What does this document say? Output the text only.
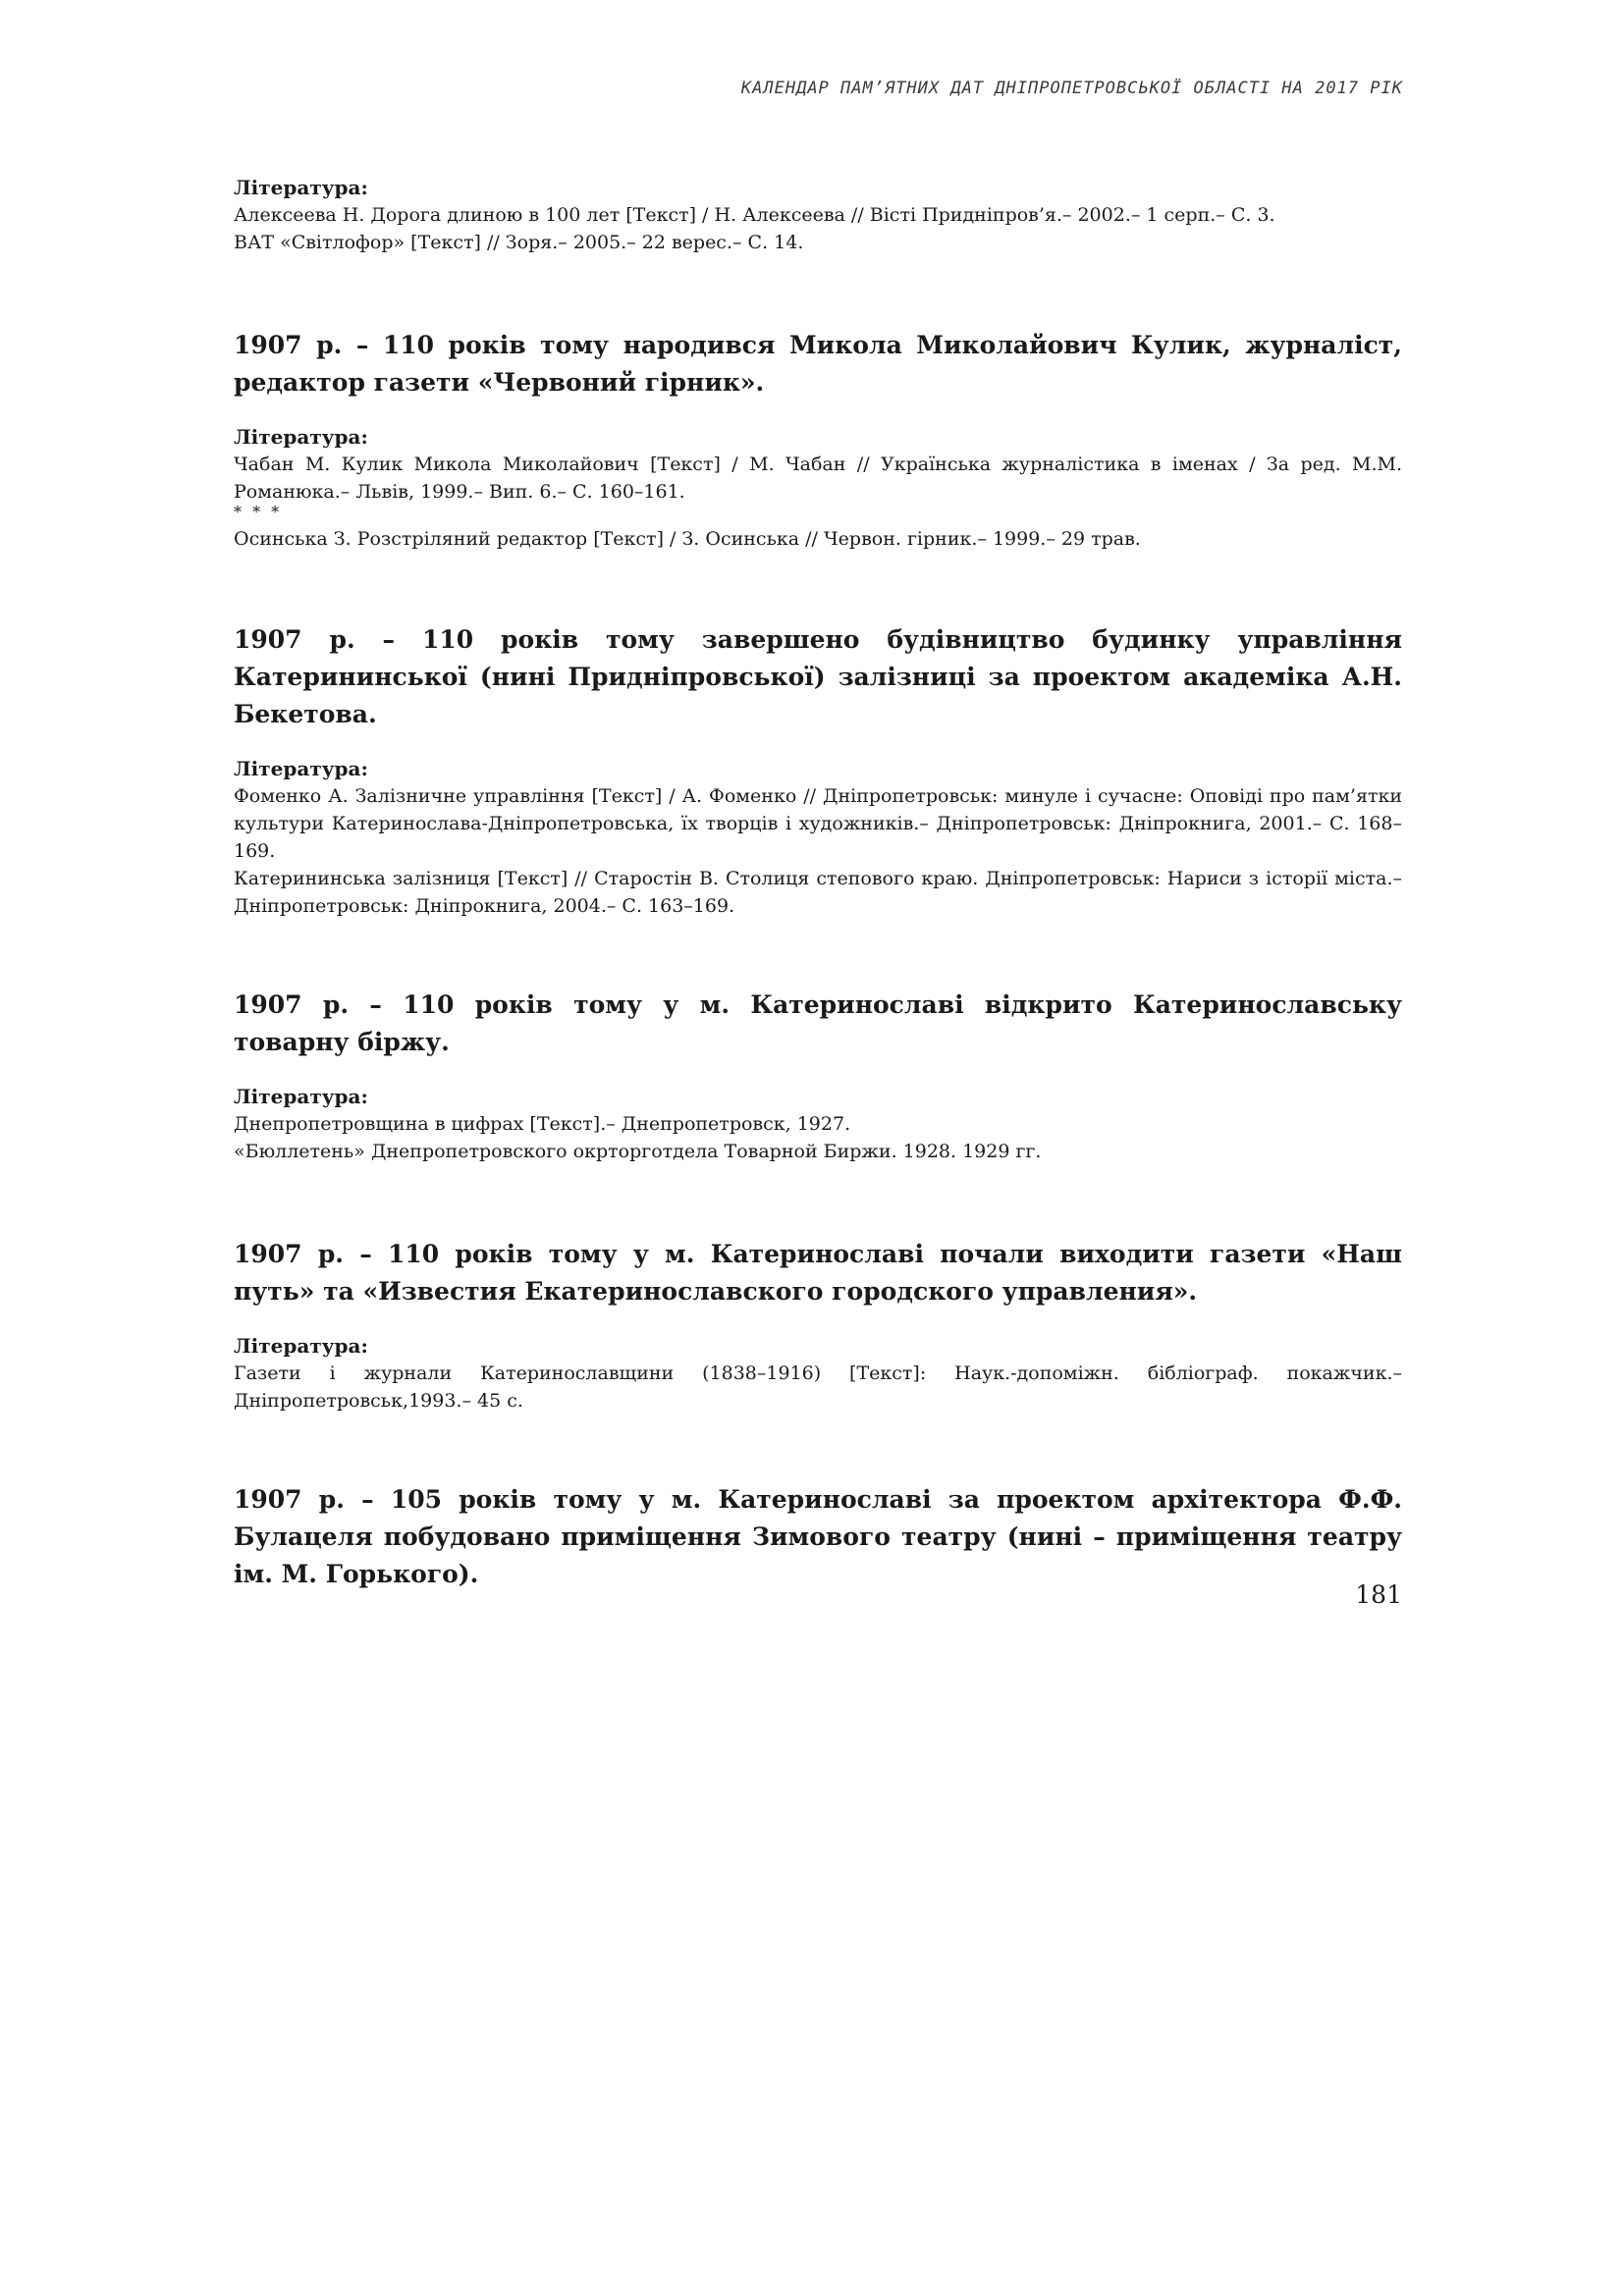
КАЛЕНДАР ПАМ’ЯТНИХ ДАТ ДНІПРОПЕТРОВСЬКОЇ ОБЛАСТІ НА 2017 РІК

Література:

Алексеева Н. Дорога длиною в 100 лет [Текст] / Н. Алексеева // Вісті Придніпров’я.– 2002.– 1 серп.– С. 3.

ВАТ «Світлофор» [Текст] // Зоря.– 2005.– 22 верес.– С. 14.

1907 р. – 110 років тому народився Микола Миколайович Кулик, журналіст, редактор газети «Червоний гірник».

Література:

Чабан М. Кулик Микола Миколайович [Текст] / М. Чабан // Українська журналістика в іменах / За ред. М.М. Романюка.– Львів, 1999.– Вип. 6.– С. 160–161.

* * *

Осинська З. Розстріляний редактор [Текст] / З. Осинська // Червон. гірник.– 1999.– 29 трав.

1907 р. – 110 років тому завершено будівництво будинку управління Катерининської (нині Придніпровської) залізниці за проектом академіка А.Н. Бекетова.

Література:

Фоменко А. Залізничне управління [Текст] / А. Фоменко // Дніпропетровськ: минуле і сучасне: Оповіді про пам’ятки культури Катеринослава-Дніпропетровська, їх творців і художників.– Дніпропетровськ: Дніпрокнига, 2001.– С. 168–169.

Катерининська залізниця [Текст] // Старостін В. Столиця степового краю. Дніпропетровськ: Нариси з історії міста.– Дніпропетровськ: Дніпрокнига, 2004.– С. 163–169.

1907 р. – 110 років тому у м. Катеринославі відкрито Катеринославську товарну біржу.

Література:

Днепропетровщина в цифрах [Текст].– Днепропетровск, 1927.

«Бюллетень» Днепропетровского окрторготдела Товарной Биржи. 1928. 1929 гг.

1907 р. – 110 років тому у м. Катеринославі почали виходити газети «Наш путь» та «Известия Екатеринославского городского управления».

Література:

Газети і журнали Катеринославщини (1838–1916) [Текст]: Наук.-допоміжн. бібліограф. покажчик.– Дніпропетровськ,1993.– 45 с.

1907 р. – 105 років тому у м. Катеринославі за проектом архітектора Ф.Ф. Булацеля побудовано приміщення Зимового театру (нині – приміщення театру ім. М. Горького).

181
